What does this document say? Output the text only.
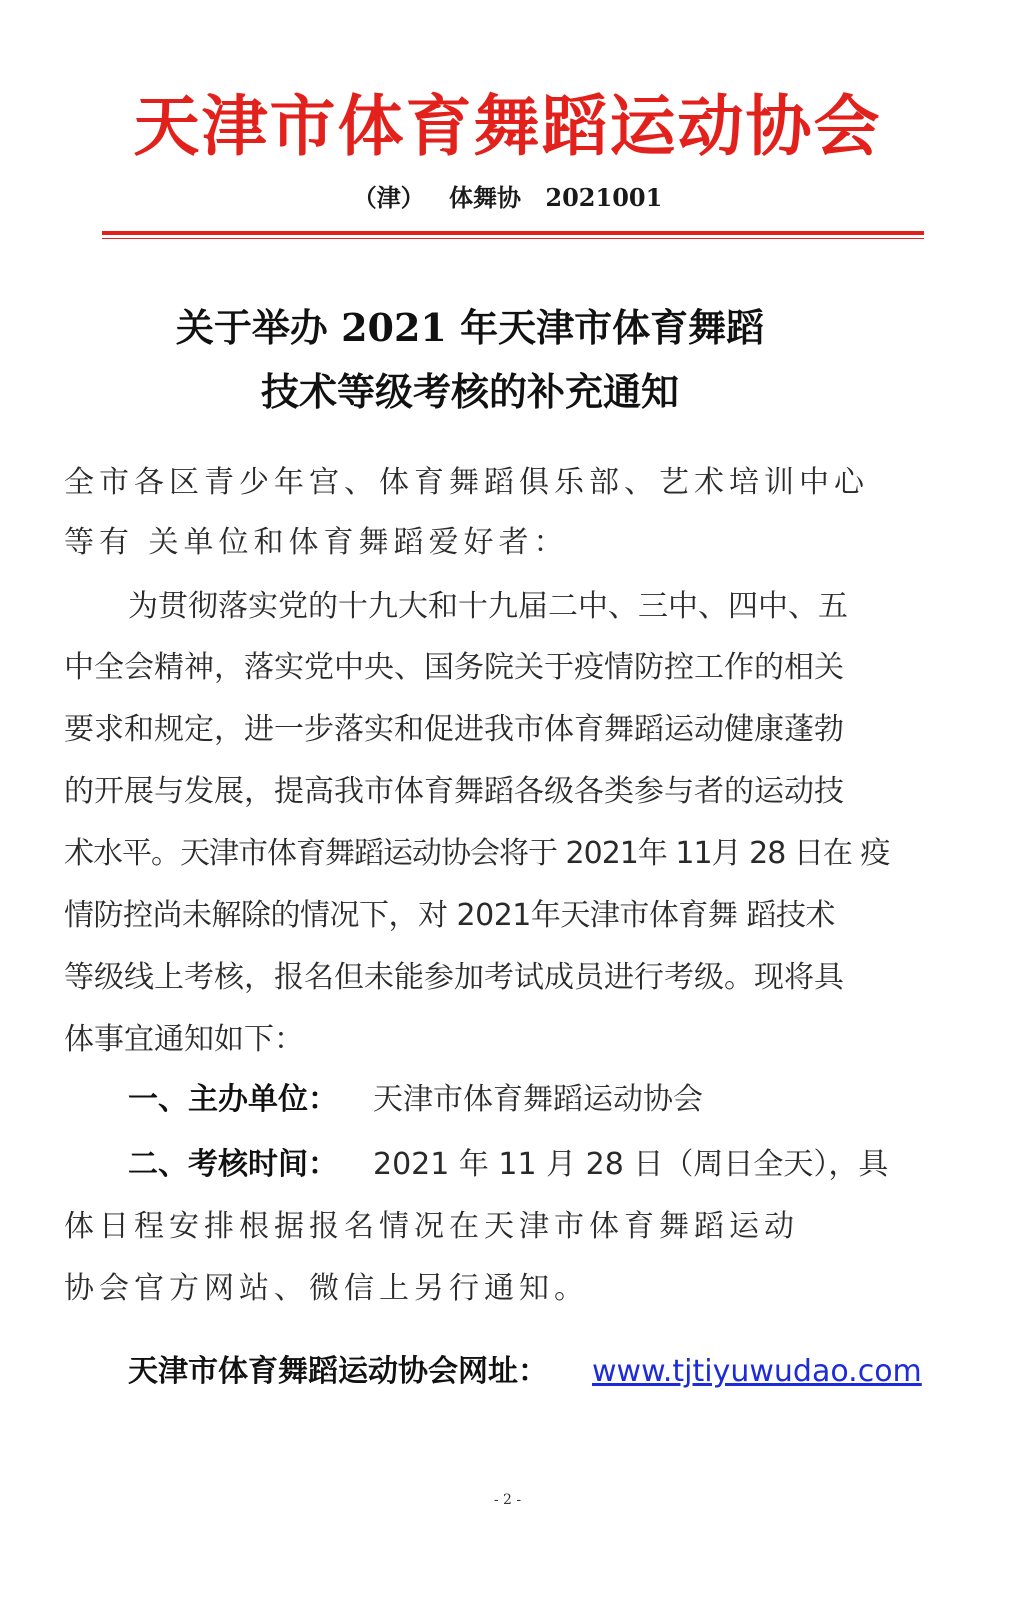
天津市体育舞蹈运动协会
（津） 体舞协 2021001
关于举办 2021 年天津市体育舞蹈
技术等级考核的补充通知
全市各区青少年宫、体育舞蹈俱乐部、艺术培训中心
等有 关单位和体育舞蹈爱好者：
为贯彻落实党的十九大和十九届二中、三中、四中、五
中全会精神，落实党中央、国务院关于疫情防控工作的相关
要求和规定，进一步落实和促进我市体育舞蹈运动健康蓬勃
的开展与发展，提高我市体育舞蹈各级各类参与者的运动技
术水平。天津市体育舞蹈运动协会将于 2021年 11月 28 日在 疫
情防控尚未解除的情况下，对 2021年天津市体育舞 蹈技术
等级线上考核，报名但未能参加考试成员进行考级。现将具
体事宜通知如下：
一、主办单位： 天津市体育舞蹈运动协会
二、考核时间： 2021 年 11 月 28 日（周日全天），具
体日程安排根据报名情况在天津市体育舞蹈运动
协会官方网站、微信上另行通知。
天津市体育舞蹈运动协会网址： www.tjtiyuwudao.com
- 2 -
